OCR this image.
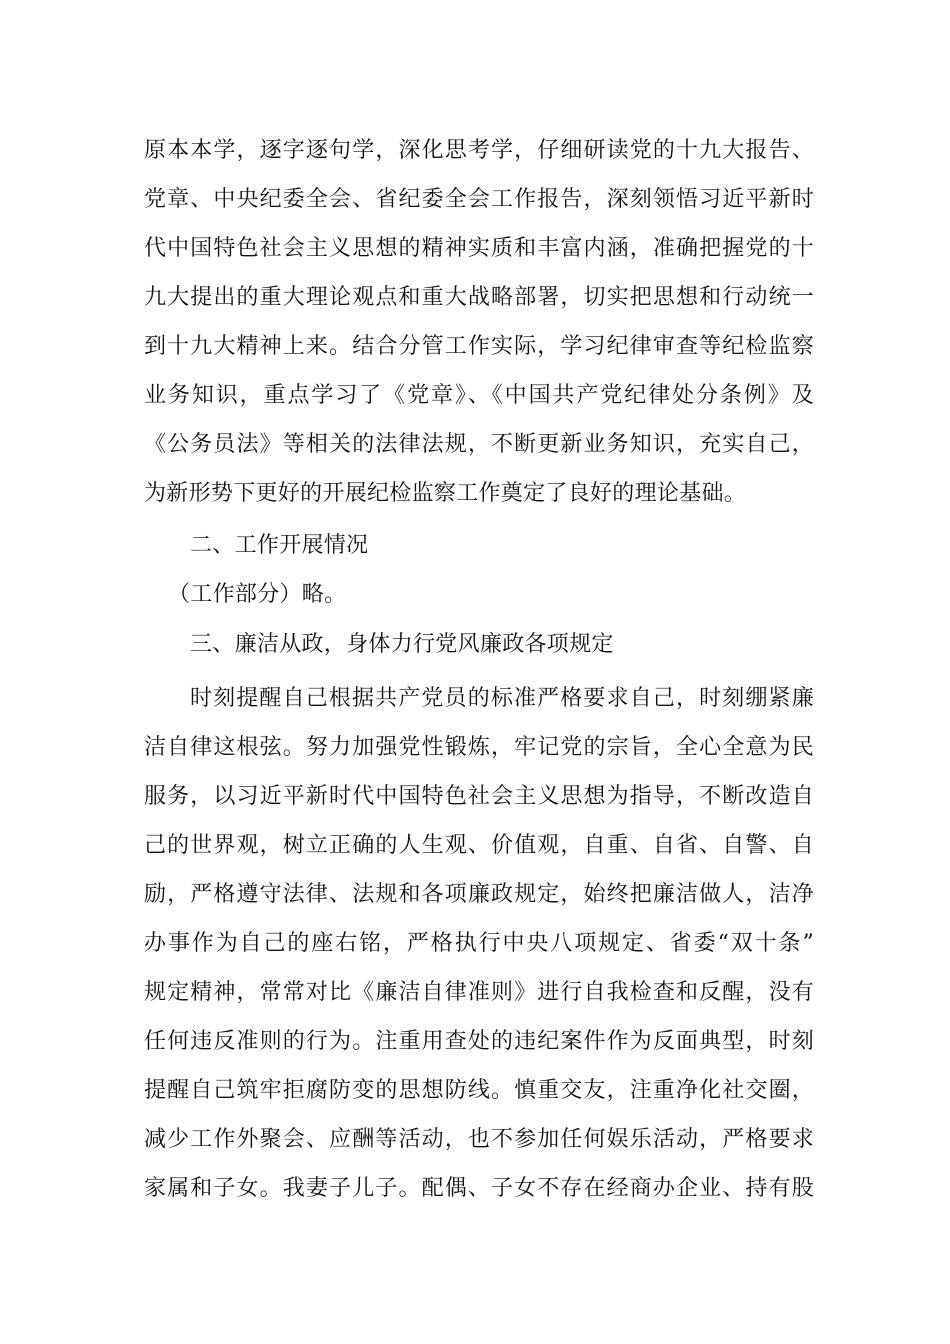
原本本学，逐字逐句学，深化思考学，仔细研读党的十九大报告、
党章、中央纪委全会、省纪委全会工作报告，深刻领悟习近平新时
代中国特色社会主义思想的精神实质和丰富内涵，准确把握党的十
九大提出的重大理论观点和重大战略部署，切实把思想和行动统一
到十九大精神上来。结合分管工作实际，学习纪律审查等纪检监察
业务知识，重点学习了《党章》、《中国共产党纪律处分条例》及
《公务员法》等相关的法律法规，不断更新业务知识，充实自己，
为新形势下更好的开展纪检监察工作奠定了良好的理论基础。
二、工作开展情况
（工作部分）略。
三、廉洁从政，身体力行党风廉政各项规定
时刻提醒自己根据共产党员的标准严格要求自己，时刻绷紧廉
洁自律这根弦。努力加强党性锻炼，牢记党的宗旨，全心全意为民
服务，以习近平新时代中国特色社会主义思想为指导，不断改造自
己的世界观，树立正确的人生观、价值观，自重、自省、自警、自
励，严格遵守法律、法规和各项廉政规定，始终把廉洁做人，洁净
办事作为自己的座右铭，严格执行中央八项规定、省委“双十条”
规定精神，常常对比《廉洁自律准则》进行自我检查和反醒，没有
任何违反准则的行为。注重用查处的违纪案件作为反面典型，时刻
提醒自己筑牢拒腐防变的思想防线。慎重交友，注重净化社交圈，
减少工作外聚会、应酬等活动，也不参加任何娱乐活动，严格要求
家属和子女。我妻子儿子。配偶、子女不存在经商办企业、持有股
